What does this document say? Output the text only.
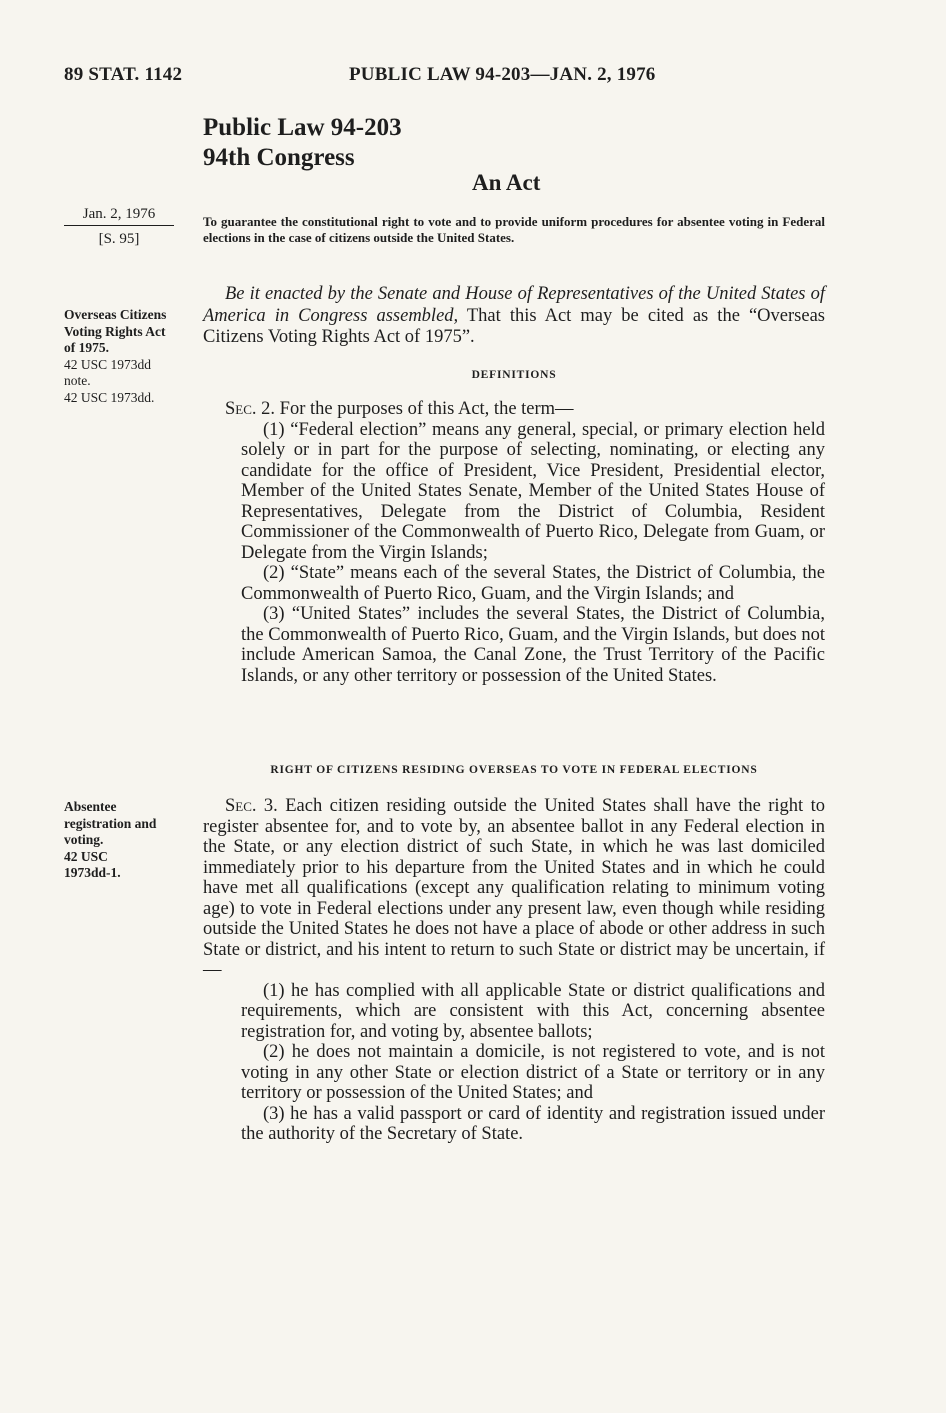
89 STAT. 1142	PUBLIC LAW 94-203—JAN. 2, 1976
Public Law 94-203
94th Congress
An Act
Jan. 2, 1976
[S. 95]
To guarantee the constitutional right to vote and to provide uniform procedures for absentee voting in Federal elections in the case of citizens outside the United States.
Overseas Citizens
Voting Rights Act
of 1975.
42 USC 1973dd
note.
42 USC 1973dd.
Be it enacted by the Senate and House of Representatives of the United States of America in Congress assembled, That this Act may be cited as the “Overseas Citizens Voting Rights Act of 1975”.
DEFINITIONS

Sec. 2. For the purposes of this Act, the term—

(1) “Federal election” means any general, special, or primary election held solely or in part for the purpose of selecting, nominating, or electing any candidate for the office of President, Vice President, Presidential elector, Member of the United States Senate, Member of the United States House of Representatives, Delegate from the District of Columbia, Resident Commissioner of the Commonwealth of Puerto Rico, Delegate from Guam, or Delegate from the Virgin Islands;

(2) “State” means each of the several States, the District of Columbia, the Commonwealth of Puerto Rico, Guam, and the Virgin Islands; and

(3) “United States” includes the several States, the District of Columbia, the Commonwealth of Puerto Rico, Guam, and the Virgin Islands, but does not include American Samoa, the Canal Zone, the Trust Territory of the Pacific Islands, or any other territory or possession of the United States.

RIGHT OF CITIZENS RESIDING OVERSEAS TO VOTE IN FEDERAL ELECTIONS
Absentee
registration and
voting.
42 USC
1973dd-1.

Sec. 3. Each citizen residing outside the United States shall have the right to register absentee for, and to vote by, an absentee ballot in any Federal election in the State, or any election district of such State, in which he was last domiciled immediately prior to his departure from the United States and in which he could have met all qualifications (except any qualification relating to minimum voting age) to vote in Federal elections under any present law, even though while residing outside the United States he does not have a place of abode or other address in such State or district, and his intent to return to such State or district may be uncertain, if—

(1) he has complied with all applicable State or district qualifications and requirements, which are consistent with this Act, concerning absentee registration for, and voting by, absentee ballots;

(2) he does not maintain a domicile, is not registered to vote, and is not voting in any other State or election district of a State or territory or in any territory or possession of the United States; and

(3) he has a valid passport or card of identity and registration issued under the authority of the Secretary of State.
